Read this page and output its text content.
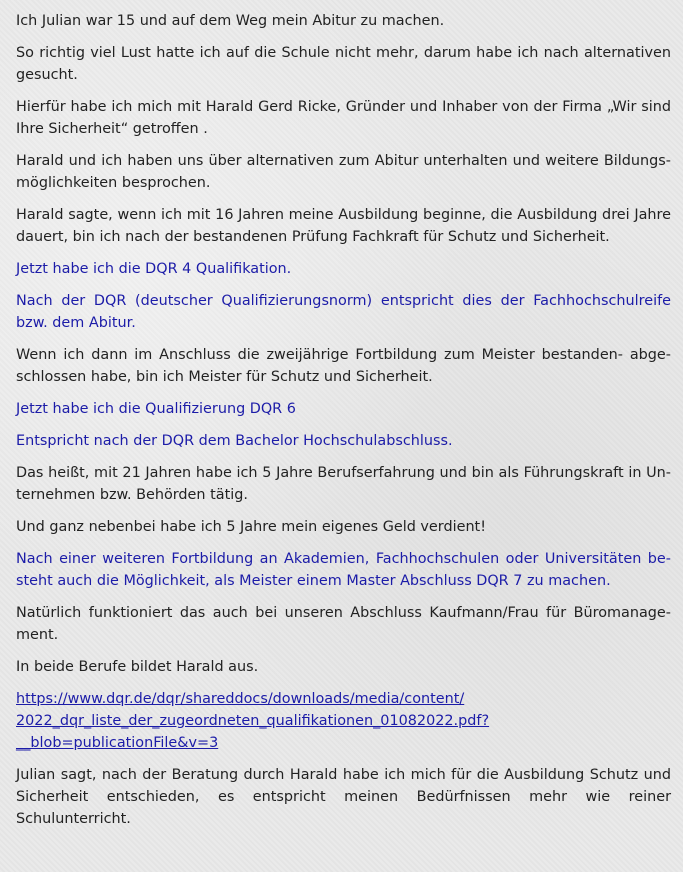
Ich Julian war 15 und auf dem Weg mein Abitur zu machen.

So richtig viel Lust hatte ich auf die Schule nicht mehr, darum habe ich nach alternativen gesucht.

Hierfür habe ich mich mit Harald Gerd Ricke, Gründer und Inhaber von der Firma „Wir sind Ihre Sicherheit“ getroffen .

Harald und ich haben uns über alternativen zum Abitur unterhalten und weitere Bildungsmöglichkeiten besprochen.

Harald sagte, wenn ich mit 16 Jahren meine Ausbildung beginne, die Ausbildung drei Jahre dauert, bin ich nach der bestandenen Prüfung Fachkraft für Schutz und Sicherheit.

Jetzt habe ich die DQR 4 Qualifikation.

Nach der DQR (deutscher Qualifizierungsnorm) entspricht dies der Fachhochschulreife bzw. dem Abitur.

Wenn ich dann im Anschluss die zweijährige Fortbildung zum Meister bestanden- abgeschlossen habe, bin ich Meister für Schutz und Sicherheit.

Jetzt habe ich die Qualifizierung DQR 6

Entspricht nach der DQR dem Bachelor Hochschulabschluss.

Das heißt, mit 21 Jahren habe ich 5 Jahre Berufserfahrung und bin als Führungskraft in Unternehmen bzw. Behörden tätig.

Und ganz nebenbei habe ich 5 Jahre mein eigenes Geld verdient!

Nach einer weiteren Fortbildung an Akademien, Fachhochschulen oder Universitäten besteht auch die Möglichkeit, als Meister einem Master Abschluss DQR 7 zu machen.

Natürlich funktioniert das auch bei unseren Abschluss Kaufmann/Frau für Büromanagement.

In beide Berufe bildet Harald aus.

https://www.dqr.de/dqr/shareddocs/downloads/media/content/
2022_dqr_liste_der_zugeordneten_qualifikationen_01082022.pdf?
__blob=publicationFile&v=3

Julian sagt, nach der Beratung durch Harald habe ich mich für die Ausbildung Schutz und Sicherheit entschieden, es entspricht meinen Bedürfnissen mehr wie reiner Schulunterricht.
